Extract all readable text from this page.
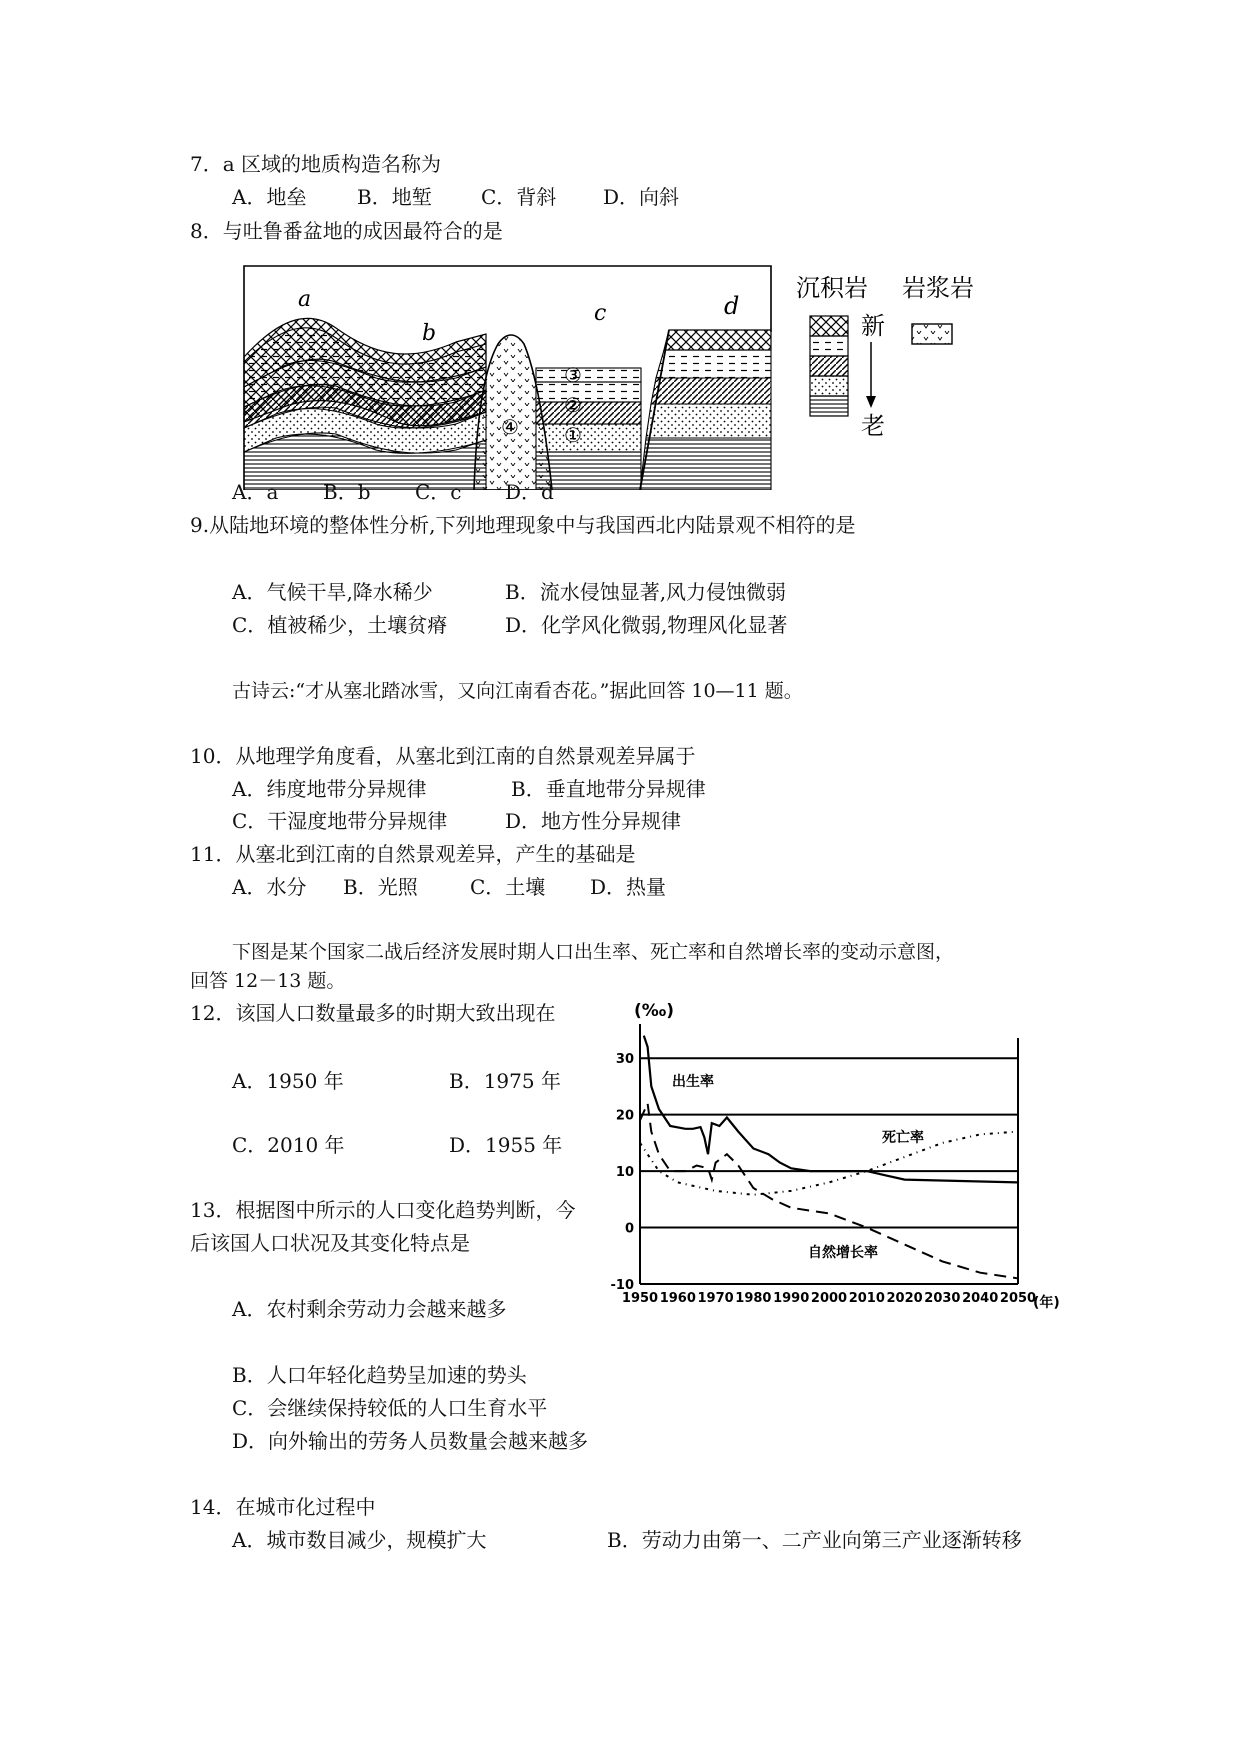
7．a 区域的地质构造名称为
A．地垒	B．地堑 C．背斜 D．向斜
8．与吐鲁番盆地的成因最符合的是
a
b
c	d
③
②
①
④
沉积岩 岩浆岩
新
老
A．a B．b C．c D．d
9.从陆地环境的整体性分析,下列地理现象中与我国西北内陆景观不相符的是
A．气候干旱,降水稀少	B．流水侵蚀显著,风力侵蚀微弱
C．植被稀少，土壤贫瘠	D．化学风化微弱,物理风化显著
古诗云:“才从塞北踏冰雪，又向江南看杏花。”据此回答 10—11 题。
10．从地理学角度看，从塞北到江南的自然景观差异属于
A．纬度地带分异规律	B．垂直地带分异规律
C．干湿度地带分异规律	D．地方性分异规律
11．从塞北到江南的自然景观差异，产生的基础是
A．水分 B．光照	C．土壤 D．热量
下图是某个国家二战后经济发展时期人口出生率、死亡率和自然增长率的变动示意图，
回答 12－13 题。
12．该国人口数量最多的时期大致出现在
A．1950 年	B．1975 年
C．2010 年	D．1955 年
13．根据图中所示的人口变化趋势判断，今
后该国人口状况及其变化特点是
A．农村剩余劳动力会越来越多
B．人口年轻化趋势呈加速的势头
C．会继续保持较低的人口生育水平
D．向外输出的劳务人员数量会越来越多
14．在城市化过程中
A．城市数目减少，规模扩大	B．劳动力由第一、二产业向第三产业逐渐转移
(‰)
(年)
30
20
10
0
-10
1950 1960 1970 1980 1990 2000 2010 2020 2030 2040 2050
出生率
死亡率
自然增长率
